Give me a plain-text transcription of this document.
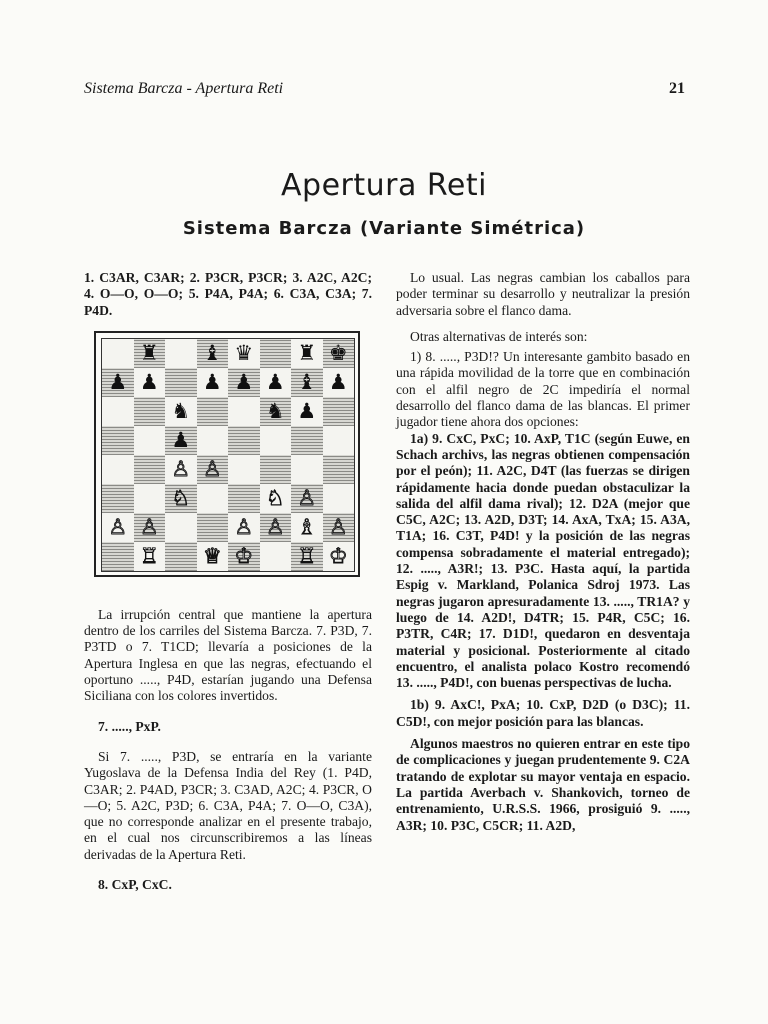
Sistema Barcza - Apertura Reti	21
Apertura Reti
Sistema Barcza (Variante Simétrica)

1. C3AR, C3AR; 2. P3CR, P3CR; 3. A2C, A2C; 4. O—O, O—O; 5. P4A, P4A; 6. C3A, C3A; 7. P4D.

♜ ♝ ♛ ♜ ♚
♟ ♟ ♟ ♟ ♟ ♝ ♟
♞	♞ ♟
♟
♙ ♙
♘	♘ ♙
♙ ♙	♙ ♙ ♗ ♙
♖ ♕ ♔ ♖ ♔

La irrupción central que mantiene la apertura dentro de los carriles del Sistema Barcza. 7. P3D, 7. P3TD o 7. T1CD; llevaría a posiciones de la Apertura Inglesa en que las negras, efectuando el oportuno ....., P4D, estarían jugando una Defensa Siciliana con los colores invertidos.

7. ....., PxP.

Si 7. ....., P3D, se entraría en la variante Yugoslava de la Defensa India del Rey (1. P4D, C3AR; 2. P4AD, P3CR; 3. C3AD, A2C; 4. P3CR, O—O; 5. A2C, P3D; 6. C3A, P4A; 7. O—O, C3A), que no corresponde analizar en el presente trabajo, en el cual nos circunscribiremos a las líneas derivadas de la Apertura Reti.

8. CxP, CxC.

Lo usual. Las negras cambian los caballos para poder terminar su desarrollo y neutralizar la presión adversaria sobre el flanco dama.

Otras alternativas de interés son:

1) 8. ....., P3D!? Un interesante gambito basado en una rápida movilidad de la torre que en combinación con el alfil negro de 2C impediría el normal desarrollo del flanco dama de las blancas. El primer jugador tiene ahora dos opciones:

1a) 9. CxC, PxC; 10. AxP, T1C (según Euwe, en Schach archivs, las negras obtienen compensación por el peón); 11. A2C, D4T (las fuerzas se dirigen rápidamente hacia donde puedan obstaculizar la salida del alfil dama rival); 12. D2A (mejor que C5C, A2C; 13. A2D, D3T; 14. AxA, TxA; 15. A3A, T1A; 16. C3T, P4D! y la posición de las negras compensa sobradamente el material entregado); 12. ....., A3R!; 13. P3C. Hasta aquí, la partida Espig v. Markland, Polanica Sdroj 1973. Las negras jugaron apresuradamente 13. ....., TR1A? y luego de 14. A2D!, D4TR; 15. P4R, C5C; 16. P3TR, C4R; 17. D1D!, quedaron en desventaja material y posicional. Posteriormente al citado encuentro, el analista polaco Kostro recomendó 13. ....., P4D!, con buenas perspectivas de lucha.

1b) 9. AxC!, PxA; 10. CxP, D2D (o D3C); 11. C5D!, con mejor posición para las blancas.

Algunos maestros no quieren entrar en este tipo de complicaciones y juegan prudentemente 9. C2A tratando de explotar su mayor ventaja en espacio. La partida Averbach v. Shankovich, torneo de entrenamiento, U.R.S.S. 1966, prosiguió 9. ....., A3R; 10. P3C, C5CR; 11. A2D,
